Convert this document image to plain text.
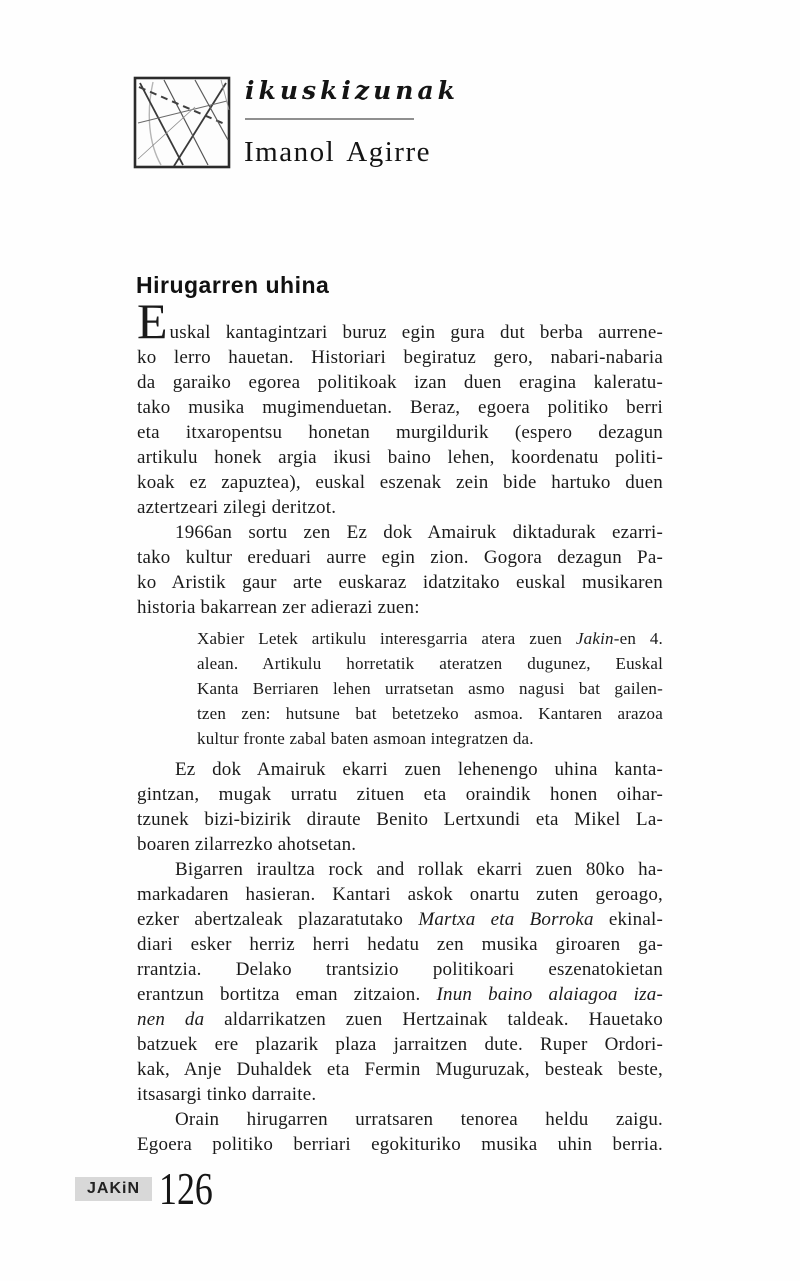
ikuskizunak
Imanol Agirre
Hirugarren uhina
Euskal kantagintzari buruz egin gura dut berba aurrene-
ko lerro hauetan. Historiari begiratuz gero, nabari-nabaria
da garaiko egorea politikoak izan duen eragina kaleratu-
tako musika mugimenduetan. Beraz, egoera politiko berri
eta itxaropentsu honetan murgildurik (espero dezagun
artikulu honek argia ikusi baino lehen, koordenatu politi-
koak ez zapuztea), euskal eszenak zein bide hartuko duen
aztertzeari zilegi deritzot.
1966an sortu zen Ez dok Amairuk diktadurak ezarri-
tako kultur ereduari aurre egin zion. Gogora dezagun Pa-
ko Aristik gaur arte euskaraz idatzitako euskal musikaren
historia bakarrean zer adierazi zuen:
Xabier Letek artikulu interesgarria atera zuen Jakin-en 4.
alean. Artikulu horretatik ateratzen dugunez, Euskal
Kanta Berriaren lehen urratsetan asmo nagusi bat gailen-
tzen zen: hutsune bat betetzeko asmoa. Kantaren arazoa
kultur fronte zabal baten asmoan integratzen da.
Ez dok Amairuk ekarri zuen lehenengo uhina kanta-
gintzan, mugak urratu zituen eta oraindik honen oihar-
tzunek bizi-bizirik diraute Benito Lertxundi eta Mikel La-
boaren zilarrezko ahotsetan.
Bigarren iraultza rock and rollak ekarri zuen 80ko ha-
markadaren hasieran. Kantari askok onartu zuten geroago,
ezker abertzaleak plazaratutako Martxa eta Borroka ekinal-
diari esker herriz herri hedatu zen musika giroaren ga-
rrantzia. Delako trantsizio politikoari eszenatokietan
erantzun bortitza eman zitzaion. Inun baino alaiagoa iza-
nen da aldarrikatzen zuen Hertzainak taldeak. Hauetako
batzuek ere plazarik plaza jarraitzen dute. Ruper Ordori-
kak, Anje Duhaldek eta Fermin Muguruzak, besteak beste,
itsasargi tinko darraite.
Orain hirugarren urratsaren tenorea heldu zaigu.
Egoera politiko berriari egokituriko musika uhin berria.
JAKiN 126
